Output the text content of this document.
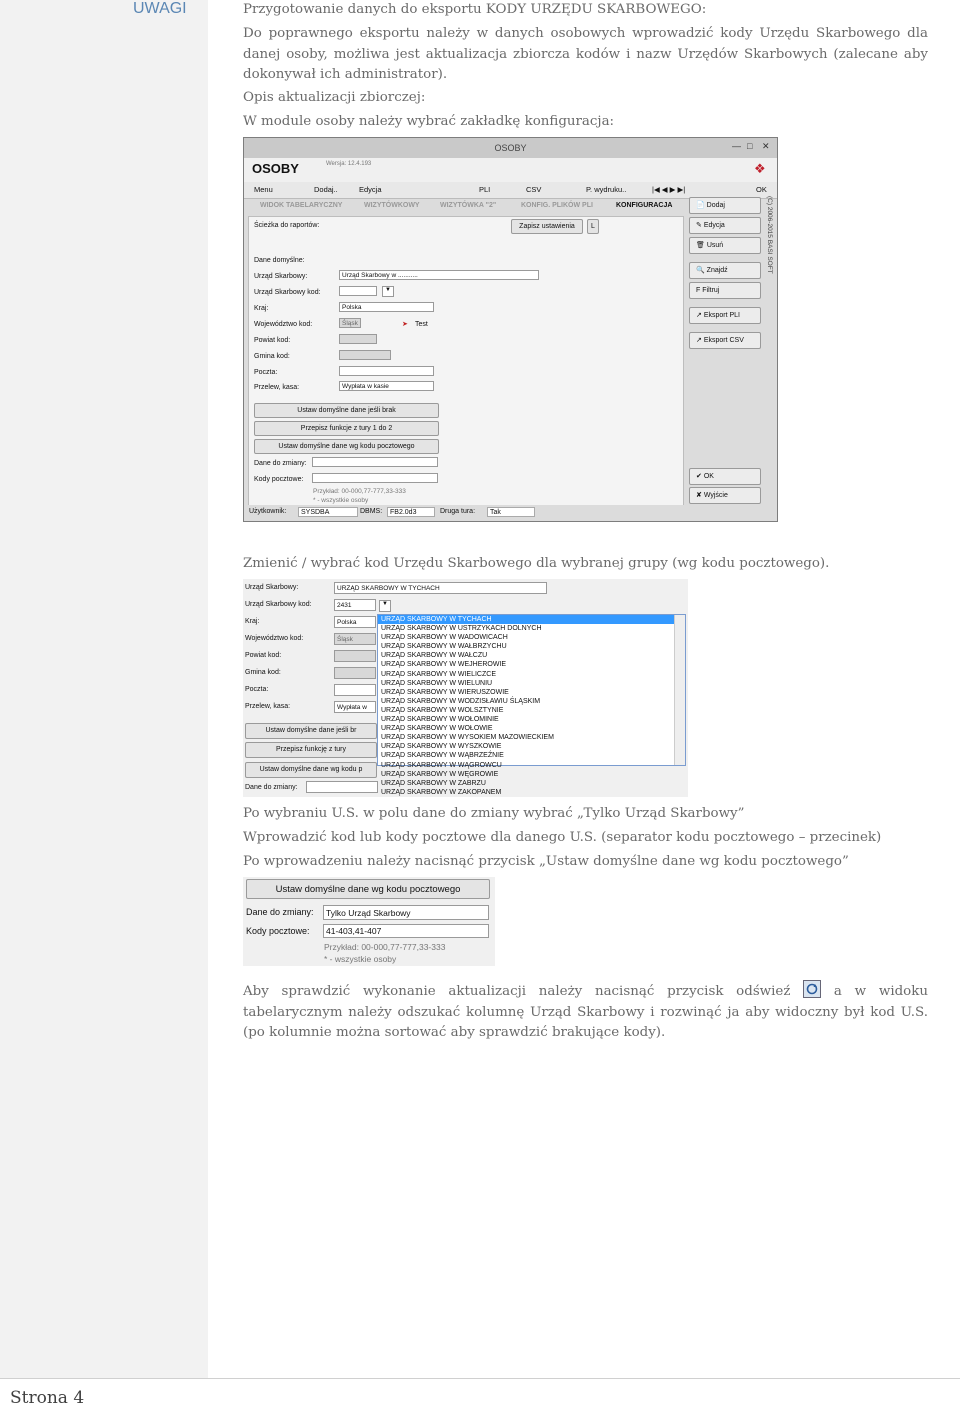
UWAGI	Przygotowanie danych do eksportu KODY URZĘDU SKARBOWEGO:
Do poprawnego eksportu należy w danych osobowych wprowadzić kody Urzędu Skarbowego dla danej osoby, możliwa jest aktualizacja zbiorcza kodów i nazw Urzędów Skarbowych (zalecane aby dokonywał ich administrator).
Opis aktualizacji zbiorczej:
W module osoby należy wybrać zakładkę konfiguracja:
OSOBY	— □ ✕
OSOBY	Wersja: 12.4.193	❖
Menu	Dodaj..	Edycja	PLI	CSV	P. wydruku..	|◀ ◀ ▶ ▶|	OK
WIDOK TABELARYCZNY	WIZYTÓWKOWY	WIZYTÓWKA "2"	KONFIG. PLIKÓW PLI	KONFIGURACJA
Ścieżka do raportów:	Zapisz ustawienia	L
Dane domyślne:
Urząd Skarbowy:	Urząd Skarbowy w ...........
Urząd Skarbowy kod:	▼
Kraj:	Polska
Województwo kod:	Śląsk	➤ Test
Powiat kod:
Gmina kod:
Poczta:
Przelew, kasa:	Wypłata w kasie
Ustaw domyślne dane jeśli brak
Przepisz funkcje z tury 1 do 2
Ustaw domyślne dane wg kodu pocztowego
Dane do zmiany:
Kody pocztowe:
Przykład: 00-000,77-777,33-333
* - wszystkie osoby
📄 Dodaj
✎ Edycja
🗑 Usuń
🔍 Znajdź
F Filtruj
↗ Eksport PLI
↗ Eksport CSV
(C) 2006-2015 BASI SOFT
✔ OK
✘ Wyjście
Użytkownik:	SYSDBA	DBMS:	FB2.0d3	Druga tura:	Tak
Zmienić / wybrać kod Urzędu Skarbowego dla wybranej grupy (wg kodu pocztowego).
Urząd Skarbowy:	URZĄD SKARBOWY W TYCHACH
Urząd Skarbowy kod:	2431	▼
Kraj:	Polska
Województwo kod:	Śląsk
Powiat kod:
Gmina kod:
Poczta:
Przelew, kasa:	Wypłata w
Ustaw domyślne dane jeśli br
Przepisz funkcję z tury
Ustaw domyślne dane wg kodu p
Dane do zmiany:
URZĄD SKARBOWY W TYCHACH
URZĄD SKARBOWY W USTRZYKACH DOLNYCH
URZĄD SKARBOWY W WADOWICACH
URZĄD SKARBOWY W WAŁBRZYCHU
URZĄD SKARBOWY W WAŁCZU
URZĄD SKARBOWY W WEJHEROWIE
URZĄD SKARBOWY W WIELICZCE
URZĄD SKARBOWY W WIELUNIU
URZĄD SKARBOWY W WIERUSZOWIE
URZĄD SKARBOWY W WODZISŁAWIU ŚLĄSKIM
URZĄD SKARBOWY W WOLSZTYNIE
URZĄD SKARBOWY W WOŁOMINIE
URZĄD SKARBOWY W WOŁOWIE
URZĄD SKARBOWY W WYSOKIEM MAZOWIECKIEM
URZĄD SKARBOWY W WYSZKOWIE
URZĄD SKARBOWY W WĄBRZEŹNIE
URZĄD SKARBOWY W WĄGROWCU
URZĄD SKARBOWY W WĘGROWIE
URZĄD SKARBOWY W ZABRZU
URZĄD SKARBOWY W ZAKOPANEM
Po wybraniu U.S. w polu dane do zmiany wybrać „Tylko Urząd Skarbowy”
Wprowadzić kod lub kody pocztowe dla danego U.S. (separator kodu pocztowego – przecinek)
Po wprowadzeniu należy nacisnąć przycisk „Ustaw domyślne dane wg kodu pocztowego”
Ustaw domyślne dane wg kodu pocztowego
Dane do zmiany:	Tylko Urząd Skarbowy
Kody pocztowe:	41-403,41-407
Przykład: 00-000,77-777,33-333
* - wszystkie osoby
Aby sprawdzić wykonanie aktualizacji należy nacisnąć przycisk odświeź	a w widoku tabelarycznym należy odszukać kolumnę Urząd Skarbowy i rozwinąć ja aby widoczny był kod U.S. (po kolumnie można sortować aby sprawdzić brakujące kody).
Strona 4
